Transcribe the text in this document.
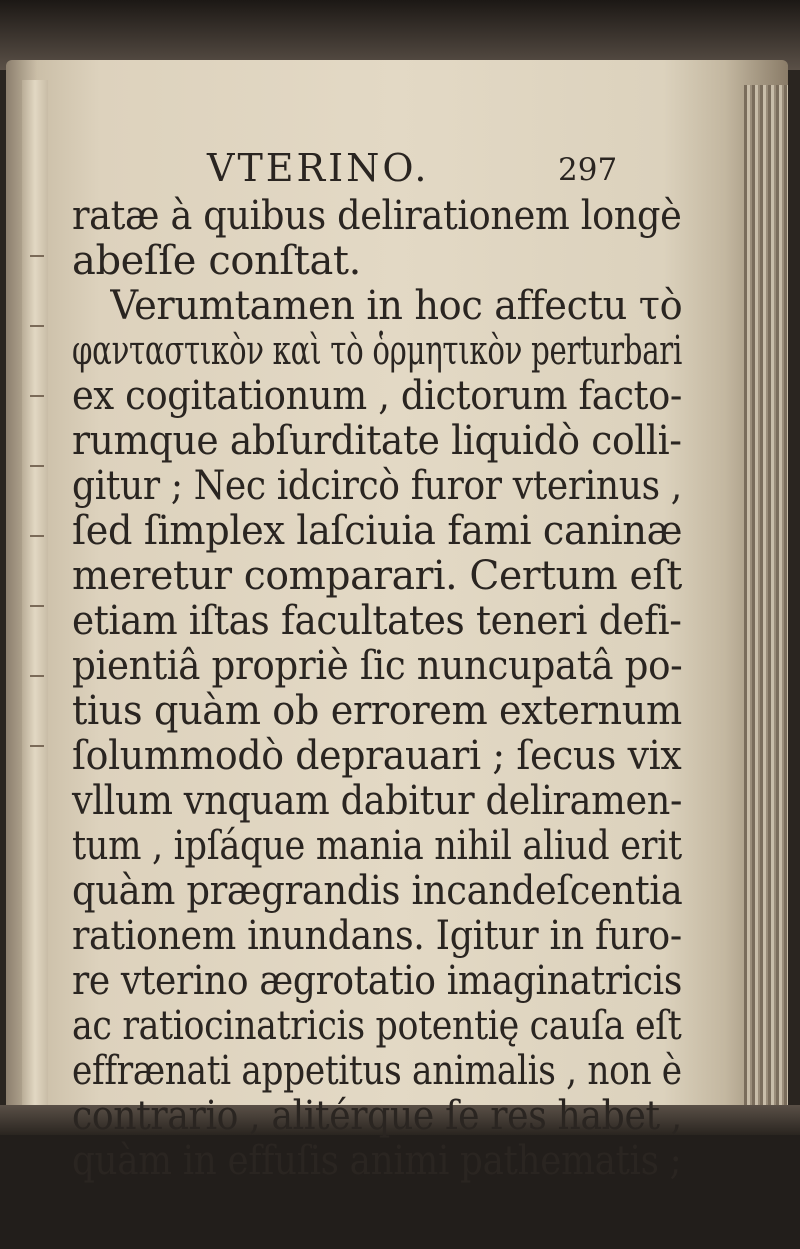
VTERINO.	297
ratæ à quibus delirationem longè
abeſſe conſtat.
Verumtamen in hoc affectu τὸ
φανταστικὸν καὶ τὸ ὁρμητικὸν perturbari
ex cogitationum , dictorum facto-
rumque abſurditate liquidò colli-
gitur ; Nec idcircò furor vterinus ,
ſed ſimplex laſciuia fami caninæ
meretur comparari. Certum eſt
etiam iſtas facultates teneri defi-
pientiâ propriè ſic nuncupatâ po-
tius quàm ob errorem externum
ſolummodò deprauari ; ſecus vix
vllum vnquam dabitur deliramen-
tum , ipſáque mania nihil aliud erit
quàm prægrandis incandeſcentia
rationem inundans. Igitur in furo-
re vterino ægrotatio imaginatricis
ac ratiocinatricis potentię cauſa eſt
effrænati appetitus animalis , non è
contrario , alitérque ſe res habet ,
quàm in effuſis animi pathematis ;
